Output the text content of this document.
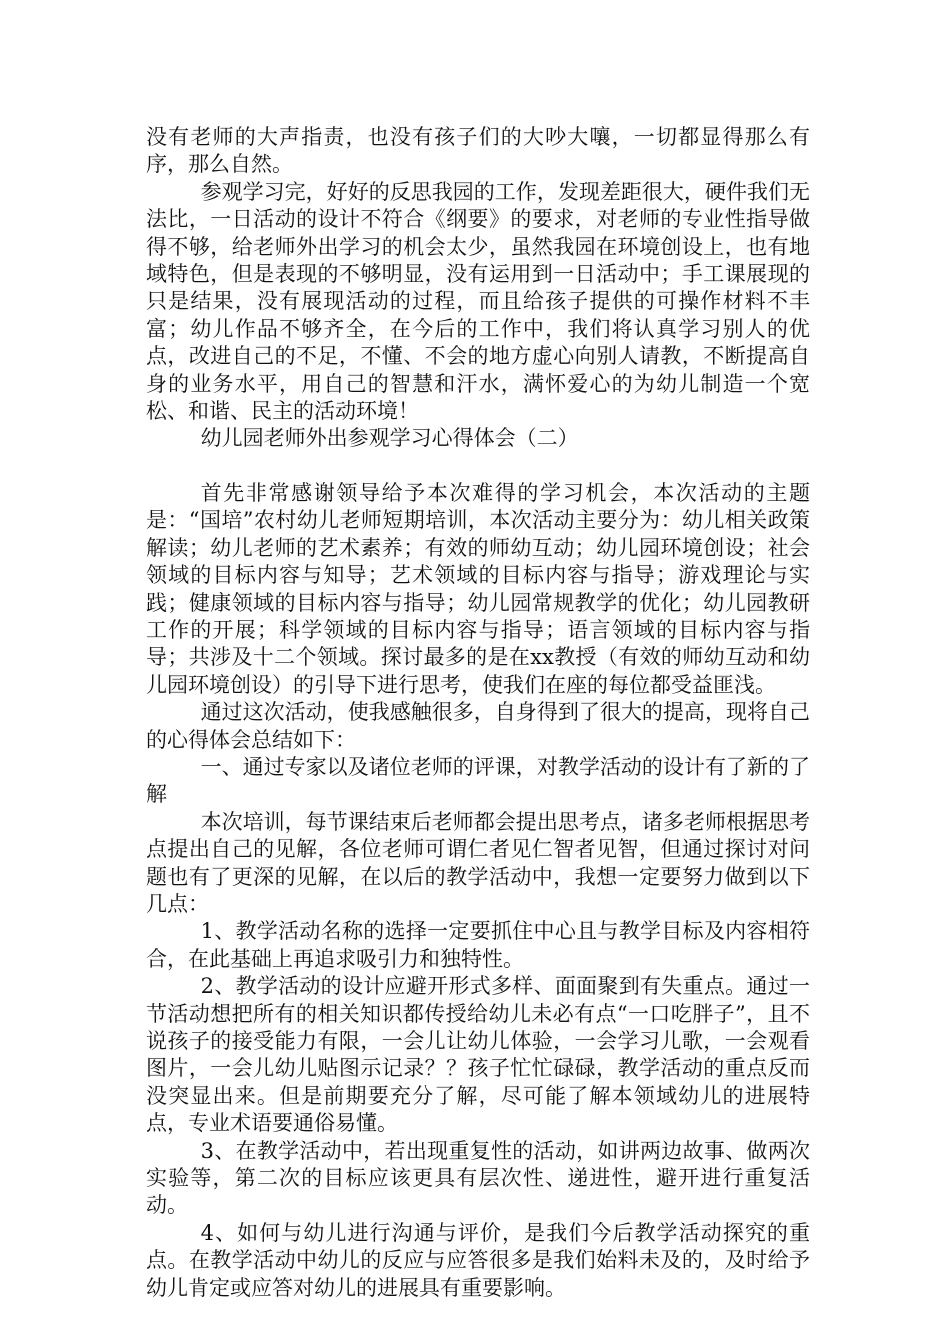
没有老师的大声指责，也没有孩子们的大吵大嚷，一切都显得那么有序，那么自然。

参观学习完，好好的反思我园的工作，发现差距很大，硬件我们无法比，一日活动的设计不符合《纲要》的要求，对老师的专业性指导做得不够，给老师外出学习的机会太少，虽然我园在环境创设上，也有地域特色，但是表现的不够明显，没有运用到一日活动中；手工课展现的只是结果，没有展现活动的过程，而且给孩子提供的可操作材料不丰富；幼儿作品不够齐全，在今后的工作中，我们将认真学习别人的优点，改进自己的不足，不懂、不会的地方虚心向别人请教，不断提高自身的业务水平，用自己的智慧和汗水，满怀爱心的为幼儿制造一个宽松、和谐、民主的活动环境！

幼儿园老师外出参观学习心得体会（二）

首先非常感谢领导给予本次难得的学习机会，本次活动的主题是：“国培”农村幼儿老师短期培训，本次活动主要分为：幼儿相关政策解读；幼儿老师的艺术素养；有效的师幼互动；幼儿园环境创设；社会领域的目标内容与知导；艺术领域的目标内容与指导；游戏理论与实践；健康领域的目标内容与指导；幼儿园常规教学的优化；幼儿园教研工作的开展；科学领域的目标内容与指导；语言领域的目标内容与指导；共涉及十二个领域。探讨最多的是在xx教授（有效的师幼互动和幼儿园环境创设）的引导下进行思考，使我们在座的每位都受益匪浅。

通过这次活动，使我感触很多，自身得到了很大的提高，现将自己的心得体会总结如下：

一、通过专家以及诸位老师的评课，对教学活动的设计有了新的了解

本次培训，每节课结束后老师都会提出思考点，诸多老师根据思考点提出自己的见解，各位老师可谓仁者见仁智者见智，但通过探讨对问题也有了更深的见解，在以后的教学活动中，我想一定要努力做到以下几点：

1、教学活动名称的选择一定要抓住中心且与教学目标及内容相符合，在此基础上再追求吸引力和独特性。

2、教学活动的设计应避开形式多样、面面聚到有失重点。通过一节活动想把所有的相关知识都传授给幼儿未必有点“一口吃胖子”，且不说孩子的接受能力有限，一会儿让幼儿体验，一会学习儿歌，一会观看图片，一会儿幼儿贴图示记录？？孩子忙忙碌碌，教学活动的重点反而没突显出来。但是前期要充分了解，尽可能了解本领域幼儿的进展特点，专业术语要通俗易懂。

3、在教学活动中，若出现重复性的活动，如讲两边故事、做两次实验等，第二次的目标应该更具有层次性、递进性，避开进行重复活动。

4、如何与幼儿进行沟通与评价，是我们今后教学活动探究的重点。在教学活动中幼儿的反应与应答很多是我们始料未及的，及时给予幼儿肯定或应答对幼儿的进展具有重要影响。
